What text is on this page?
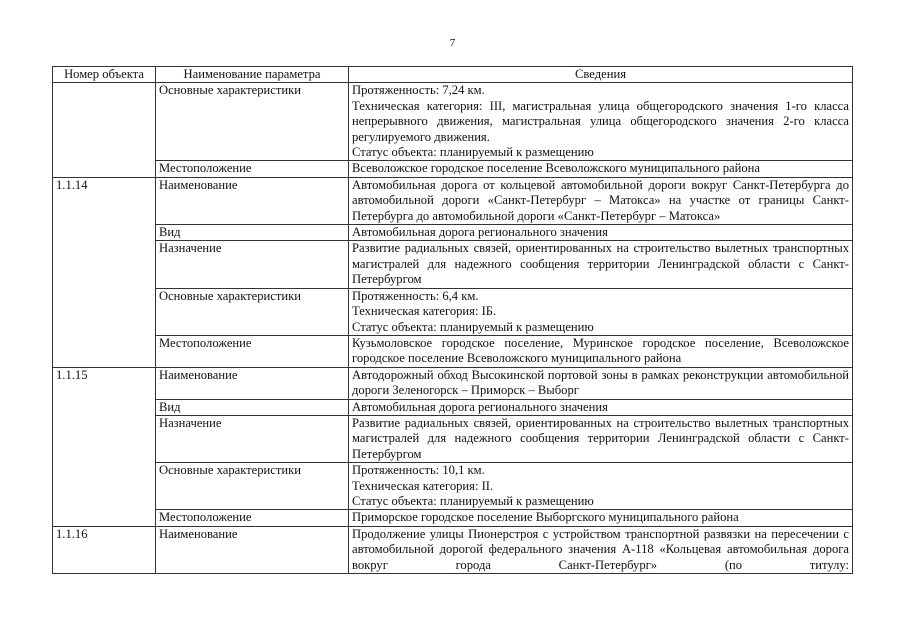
7
Номер объекта	Наименование параметра	Сведения
	Основные характеристики	Протяженность: 7,24 км.
Техническая категория: III, магистральная улица общегородского значения 1-го класса непрерывного движения, магистральная улица общегородского значения 2-го класса регулируемого движения.
Статус объекта: планируемый к размещению

	Местоположение	Всеволожское городское поселение Всеволожского муниципального района

1.1.14	Наименование	Автомобильная дорога от кольцевой автомобильной дороги вокруг Санкт-Петербурга до автомобильной дороги «Санкт-Петербург – Матокса» на участке от границы Санкт-Петербурга до автомобильной дороги «Санкт-Петербург – Матокса»

	Вид	Автомобильная дорога регионального значения

	Назначение	Развитие радиальных связей, ориентированных на строительство вылетных транспортных магистралей для надежного сообщения территории Ленинградской области с Санкт-Петербургом

	Основные характеристики	Протяженность: 6,4 км.
Техническая категория: IБ.
Статус объекта: планируемый к размещению

	Местоположение	Кузьмоловское городское поселение, Муринское городское поселение, Всеволожское городское поселение Всеволожского муниципального района

1.1.15	Наименование	Автодорожный обход Высокинской портовой зоны в рамках реконструкции автомобильной дороги Зеленогорск – Приморск – Выборг

	Вид	Автомобильная дорога регионального значения

	Назначение	Развитие радиальных связей, ориентированных на строительство вылетных транспортных магистралей для надежного сообщения территории Ленинградской области с Санкт-Петербургом

	Основные характеристики	Протяженность: 10,1 км.
Техническая категория: II.
Статус объекта: планируемый к размещению

	Местоположение	Приморское городское поселение Выборгского муниципального района

1.1.16	Наименование	Продолжение улицы Пионерстроя с устройством транспортной развязки на пересечении с автомобильной дорогой федерального значения А-118 «Кольцевая автомобильная дорога вокруг города Санкт-Петербург» (по титулу:
